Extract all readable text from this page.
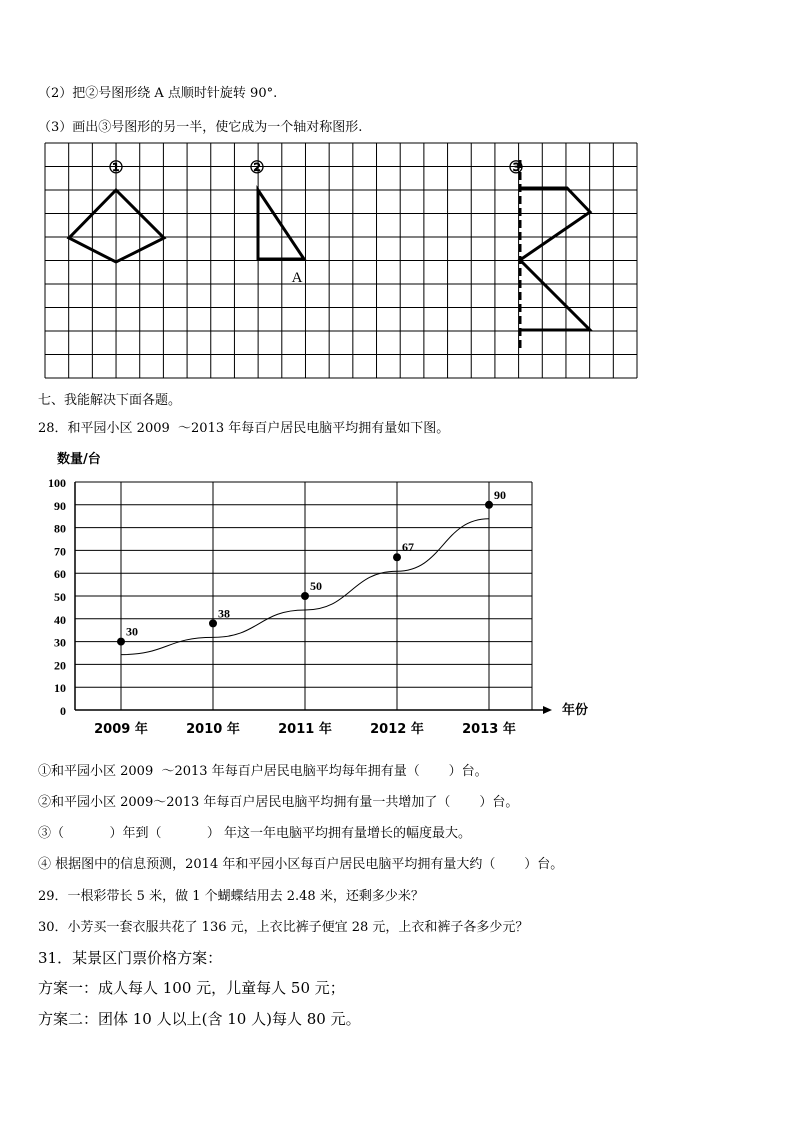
（2）把②号图形绕 A 点顺时针旋转 90°.
（3）画出③号图形的另一半，使它成为一个轴对称图形.
①	②	③
A
七、我能解决下面各题。
28．和平园小区 2009  ～2013 年每百户居民电脑平均拥有量如下图。
数量/台
年份
0
10
20
30
40
50
60
70
80
90
100
2009 年	2010 年	2011 年	2012 年	2013 年
30
38
50
67
90
①和平园小区 2009  ～2013 年每百户居民电脑平均每年拥有量（       ）台。
②和平园小区 2009～2013 年每百户居民电脑平均拥有量一共增加了（       ）台。
③（           ）年到（           ） 年这一年电脑平均拥有量增长的幅度最大。
④ 根据图中的信息预测，2014 年和平园小区每百户居民电脑平均拥有量大约（       ）台。
29．一根彩带长 5 米，做 1 个蝴蝶结用去 2.48 米，还剩多少米？
30．小芳买一套衣服共花了 136 元，上衣比裤子便宜 28 元，上衣和裤子各多少元？
31．某景区门票价格方案：
方案一：成人每人 100 元，儿童每人 50 元；
方案二：团体 10 人以上(含 10 人)每人 80 元。
